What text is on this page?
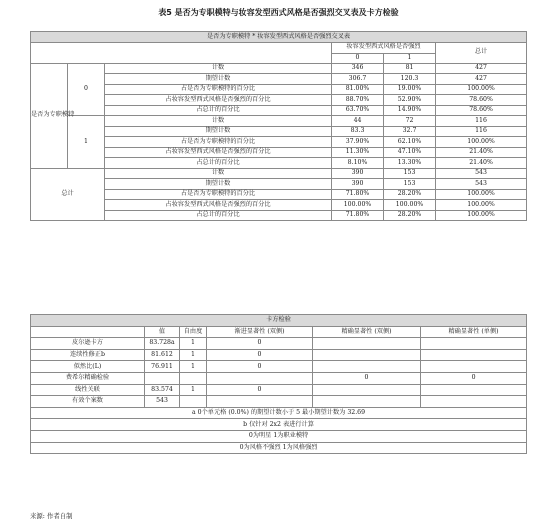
表5 是否为专职模特与妆容发型西式风格是否强烈交叉表及卡方检验
是否为专职模特 * 妆容发型西式风格是否强烈交叉表					
			妆容发型西式风格是否强烈		总计
			0	1	
是否为专职模特	0	计数	346	81	427
		期望计数	306.7	120.3	427
		占是否为专职模特的百分比	81.00%	19.00%	100.00%
		占妆容发型西式风格是否强烈的百分比	88.70%	52.90%	78.60%
		占总计的百分比	63.70%	14.90%	78.60%
	1	计数	44	72	116
		期望计数	83.3	32.7	116
		占是否为专职模特的百分比	37.90%	62.10%	100.00%
		占妆容发型西式风格是否强烈的百分比	11.30%	47.10%	21.40%
		占总计的百分比	8.10%	13.30%	21.40%
总计		计数	390	153	543
		期望计数	390	153	543
		占是否为专职模特的百分比	71.80%	28.20%	100.00%
		占妆容发型西式风格是否强烈的百分比	100.00%	100.00%	100.00%
		占总计的百分比	71.80%	28.20%	100.00%
卡方检验					
	值	自由度	渐进显著性 (双侧)	精确显著性 (双侧)	精确显著性 (单侧)
皮尔逊卡方	83.728a	1	0		
连续性修正b	81.612	1	0		
似然比(L)	76.911	1	0		
费希尔精确检验				0	0
线性关联	83.574	1	0		
有效个案数	543				
a 0个单元格 (0.0%) 的期望计数小于 5 最小期望计数为 32.69					
b 仅针对 2x2 表进行计算					
0为明星 1为职业模特					
0为风格不强烈 1为风格强烈					
来源: 作者自制
